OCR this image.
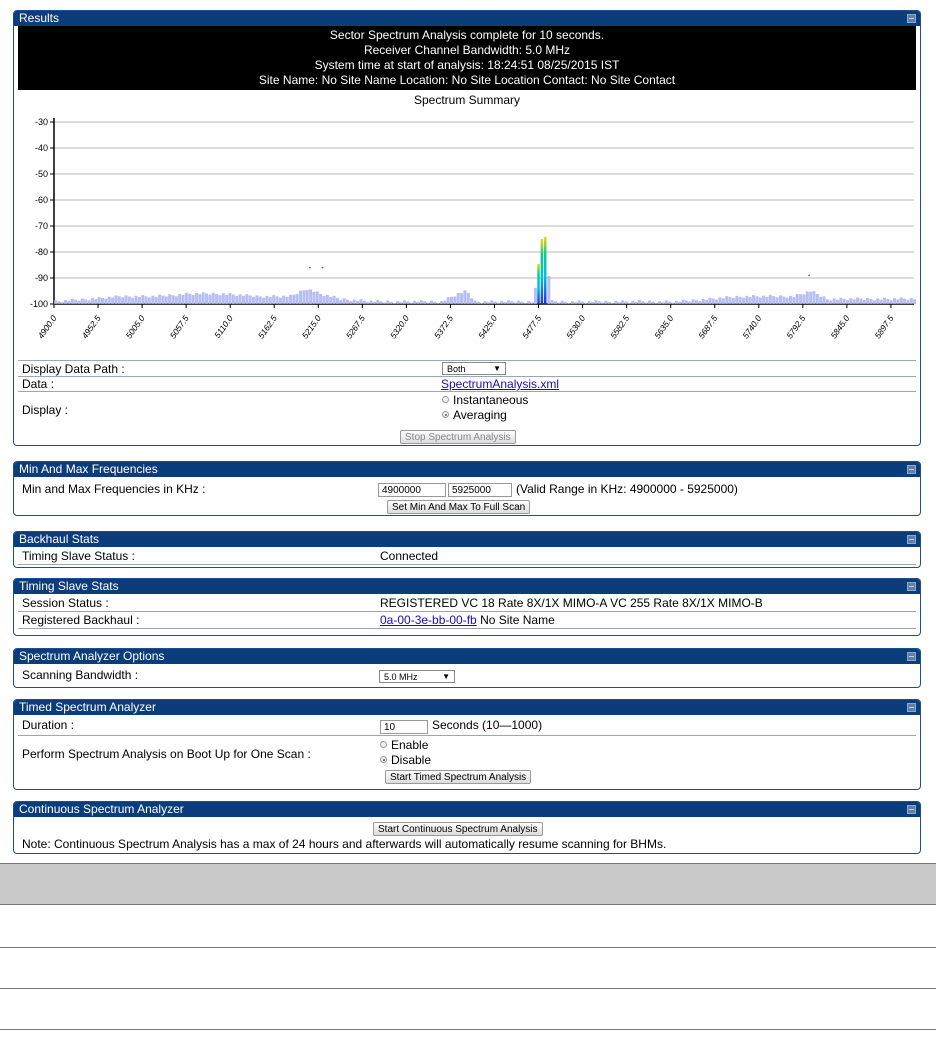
Results
Sector Spectrum Analysis complete for 10 seconds.
Receiver Channel Bandwidth: 5.0 MHz
System time at start of analysis: 18:24:51 08/25/2015 IST
Site Name: No Site Name Location: No Site Location Contact: No Site Contact
Spectrum Summary
-30
-40
-50
-60
-70
-80
-90
-100
4900.0 4952.5 5005.0 5057.5	5110.0 5162.5 5215.0 5267.5 5320.0 5372.5 5425.0 5477.5 5530.0 5582.5 5635.0 5687.5 5740.0 5792.5 5845.0 5897.5
Display Data Path :	Both	▼
Data :	SpectrumAnalysis.xml
Display :
Instantaneous
Averaging
Stop Spectrum Analysis
Min And Max Frequencies
Min and Max Frequencies in KHz :	4900000	5925000	(Valid Range in KHz: 4900000 - 5925000)
Set Min And Max To Full Scan
Backhaul Stats
Timing Slave Status :	Connected
Timing Slave Stats
Session Status :	REGISTERED VC 18 Rate 8X/1X MIMO-A VC 255 Rate 8X/1X MIMO-B
Registered Backhaul :	0a-00-3e-bb-00-fb No Site Name
Spectrum Analyzer Options
Scanning Bandwidth :	5.0 MHz	▼
Timed Spectrum Analyzer
Duration :	10	Seconds (10—1000)
Perform Spectrum Analysis on Boot Up for One Scan :
Enable
Disable
Start Timed Spectrum Analysis
Continuous Spectrum Analyzer
Start Continuous Spectrum Analysis
Note: Continuous Spectrum Analysis has a max of 24 hours and afterwards will automatically resume scanning for BHMs.
